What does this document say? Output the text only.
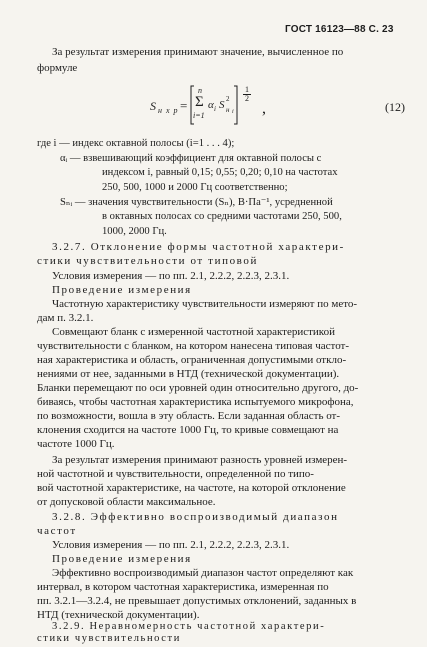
ГОСТ 16123—88 С. 23
За результат измерения принимают значение, вычисленное по
формуле
S н х р =
n
Σ
i=1
α i S 2
н i
1
2
,	(12)
где i — индекс октавной полосы (i=1 . . . 4);
αᵢ — взвешивающий коэффициент для октавной полосы с
индексом i, равный 0,15; 0,55; 0,20; 0,10 на частотах
250, 500, 1000 и 2000 Гц соответственно;
Sₙᵢ — значения чувствительности (Sₙ), В·Па⁻¹, усредненной
в октавных полосах со средними частотами 250, 500,
1000, 2000 Гц.
3.2.7. Отклонение формы частотной характери-
стики чувствительности от типовой
Условия измерения — по пп. 2.1, 2.2.2, 2.2.3, 2.3.1.
Проведение измерения
Частотную характеристику чувствительности измеряют по мето-
дам п. 3.2.1.
Совмещают бланк с измеренной частотной характеристикой
чувствительности с бланком, на котором нанесена типовая частот-
ная характеристика и область, ограниченная допустимыми откло-
нениями от нее, заданными в НТД (технической документации).
Бланки перемещают по оси уровней один относительно другого, до-
биваясь, чтобы частотная характеристика испытуемого микрофона,
по возможности, вошла в эту область. Если заданная область от-
клонения сходится на частоте 1000 Гц, то кривые совмещают на
частоте 1000 Гц.
За результат измерения принимают разность уровней измерен-
ной частотной и чувствительности, определенной по типо-
вой частотной характеристике, на частоте, на которой отклонение
от допусковой области максимальное.
3.2.8. Эффективно воспроизводимый диапазон
частот
Условия измерения — по пп. 2.1, 2.2.2, 2.2.3, 2.3.1.
Проведение измерения
Эффективно воспроизводимый диапазон частот определяют как
интервал, в котором частотная характеристика, измеренная по
пп. 3.2.1—3.2.4, не превышает допустимых отклонений, заданных в
НТД (технической документации).
3.2.9. Неравномерность частотной характери-
стики чувствительности
